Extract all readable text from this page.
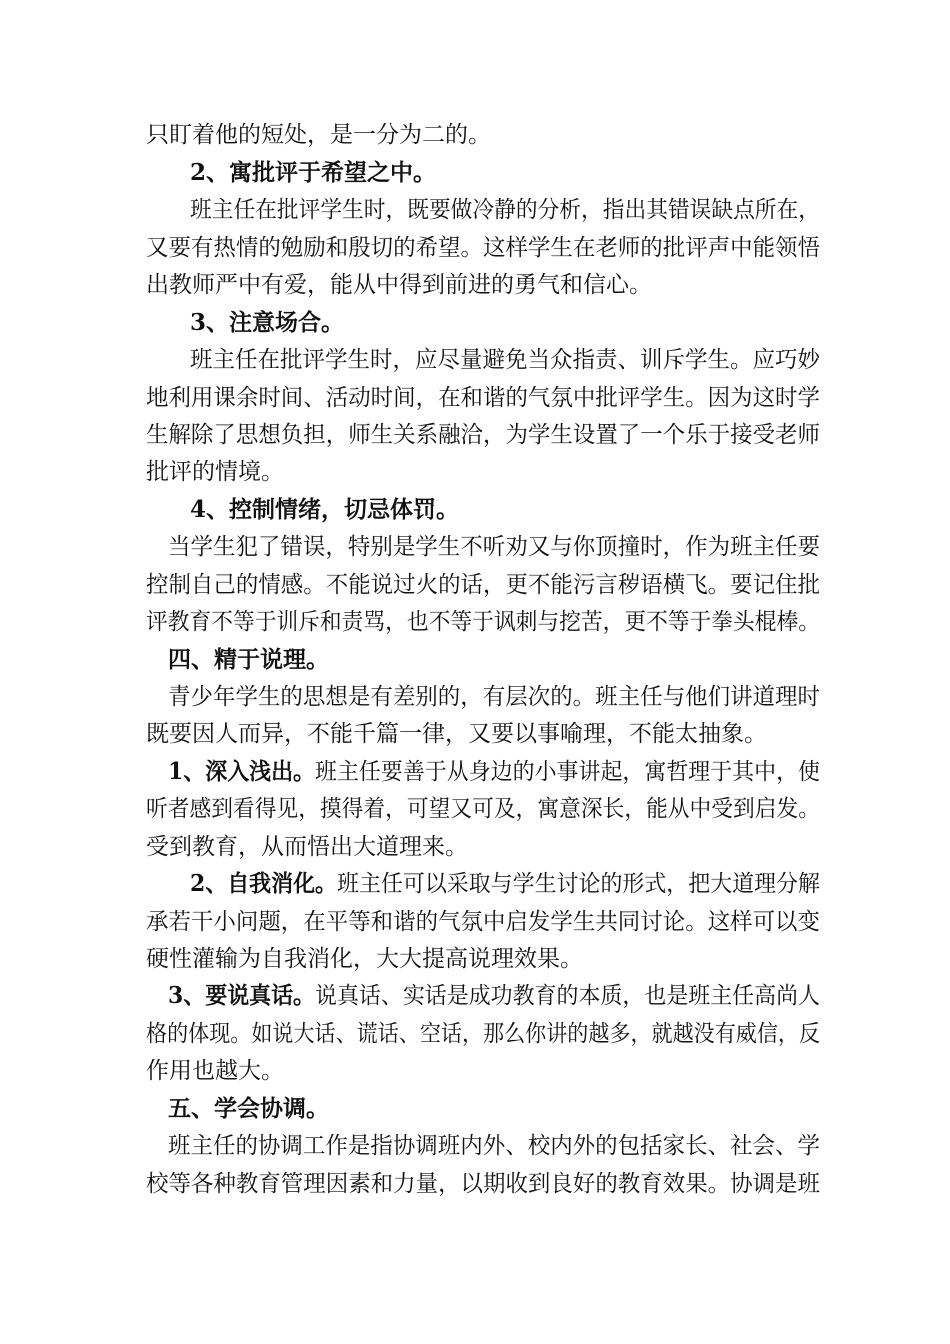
只盯着他的短处，是一分为二的。
2、寓批评于希望之中。
班主任在批评学生时，既要做冷静的分析，指出其错误缺点所在，
又要有热情的勉励和殷切的希望。这样学生在老师的批评声中能领悟
出教师严中有爱，能从中得到前进的勇气和信心。
3、注意场合。
班主任在批评学生时，应尽量避免当众指责、训斥学生。应巧妙
地利用课余时间、活动时间，在和谐的气氛中批评学生。因为这时学
生解除了思想负担，师生关系融洽，为学生设置了一个乐于接受老师
批评的情境。
4、控制情绪，切忌体罚。
当学生犯了错误，特别是学生不听劝又与你顶撞时，作为班主任要
控制自己的情感。不能说过火的话，更不能污言秽语横飞。要记住批
评教育不等于训斥和责骂，也不等于讽刺与挖苦，更不等于拳头棍棒。
四、精于说理。
青少年学生的思想是有差别的，有层次的。班主任与他们讲道理时
既要因人而异，不能千篇一律，又要以事喻理，不能太抽象。
1、深入浅出。班主任要善于从身边的小事讲起，寓哲理于其中，使
听者感到看得见，摸得着，可望又可及，寓意深长，能从中受到启发。
受到教育，从而悟出大道理来。
2、自我消化。班主任可以采取与学生讨论的形式，把大道理分解
承若干小问题，在平等和谐的气氛中启发学生共同讨论。这样可以变
硬性灌输为自我消化，大大提高说理效果。
3、要说真话。说真话、实话是成功教育的本质，也是班主任高尚人
格的体现。如说大话、谎话、空话，那么你讲的越多，就越没有威信，反
作用也越大。
五、学会协调。
班主任的协调工作是指协调班内外、校内外的包括家长、社会、学
校等各种教育管理因素和力量，以期收到良好的教育效果。协调是班
